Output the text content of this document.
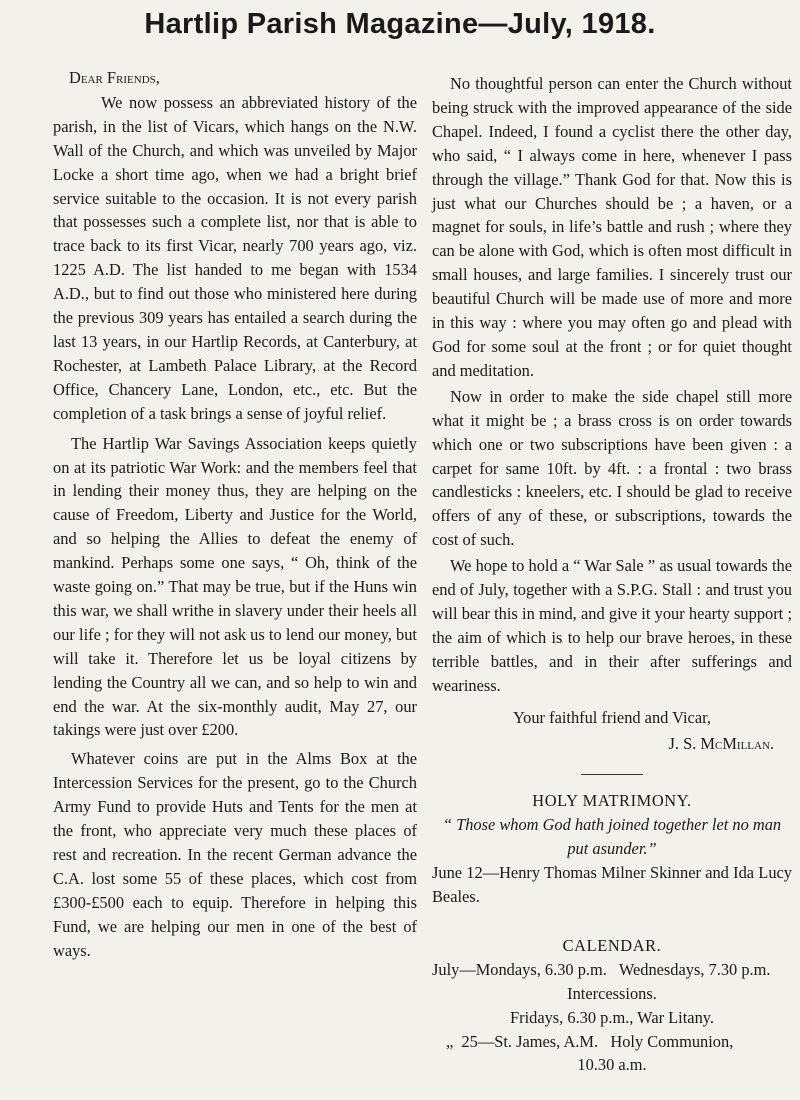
Hartlip Parish Magazine—July, 1918.

Dear Friends,

We now possess an abbreviated history of the parish, in the list of Vicars, which hangs on the N.W. Wall of the Church, and which was unveiled by Major Locke a short time ago, when we had a bright brief service suitable to the occasion. It is not every parish that possesses such a complete list, nor that is able to trace back to its first Vicar, nearly 700 years ago, viz. 1225 A.D. The list handed to me began with 1534 A.D., but to find out those who ministered here during the previous 309 years has entailed a search during the last 13 years, in our Hartlip Records, at Canterbury, at Rochester, at Lambeth Palace Library, at the Record Office, Chancery Lane, London, etc., etc. But the completion of a task brings a sense of joyful relief.

The Hartlip War Savings Association keeps quietly on at its patriotic War Work: and the members feel that in lending their money thus, they are helping on the cause of Freedom, Liberty and Justice for the World, and so helping the Allies to defeat the enemy of mankind. Perhaps some one says, “ Oh, think of the waste going on.” That may be true, but if the Huns win this war, we shall writhe in slavery under their heels all our life ; for they will not ask us to lend our money, but will take it. Therefore let us be loyal citizens by lending the Country all we can, and so help to win and end the war. At the six-monthly audit, May 27, our takings were just over £200.

Whatever coins are put in the Alms Box at the Intercession Services for the present, go to the Church Army Fund to provide Huts and Tents for the men at the front, who appreciate very much these places of rest and recreation. In the recent German advance the C.A. lost some 55 of these places, which cost from £300-£500 each to equip. Therefore in helping this Fund, we are helping our men in one of the best of ways.

No thoughtful person can enter the Church without being struck with the improved appearance of the side Chapel. Indeed, I found a cyclist there the other day, who said, “ I always come in here, whenever I pass through the village.” Thank God for that. Now this is just what our Churches should be ; a haven, or a magnet for souls, in life’s battle and rush ; where they can be alone with God, which is often most difficult in small houses, and large families. I sincerely trust our beautiful Church will be made use of more and more in this way : where you may often go and plead with God for some soul at the front ; or for quiet thought and meditation.

Now in order to make the side chapel still more what it might be ; a brass cross is on order towards which one or two subscriptions have been given : a carpet for same 10ft. by 4ft. : a frontal : two brass candlesticks : kneelers, etc. I should be glad to receive offers of any of these, or subscriptions, towards the cost of such.

We hope to hold a “ War Sale ” as usual towards the end of July, together with a S.P.G. Stall : and trust you will bear this in mind, and give it your hearty support ; the aim of which is to help our brave heroes, in these terrible battles, and in their after sufferings and weariness.

Your faithful friend and Vicar,

J. S. McMillan.

HOLY MATRIMONY.

“ Those whom God hath joined together let no man put asunder.”

June 12—Henry Thomas Milner Skinner and Ida Lucy Beales.

CALENDAR.

July—Mondays, 6.30 p.m.   Wednesdays, 7.30 p.m.

Intercessions.

Fridays, 6.30 p.m., War Litany.

„  25—St. James, A.M.   Holy Communion,

10.30 a.m.
